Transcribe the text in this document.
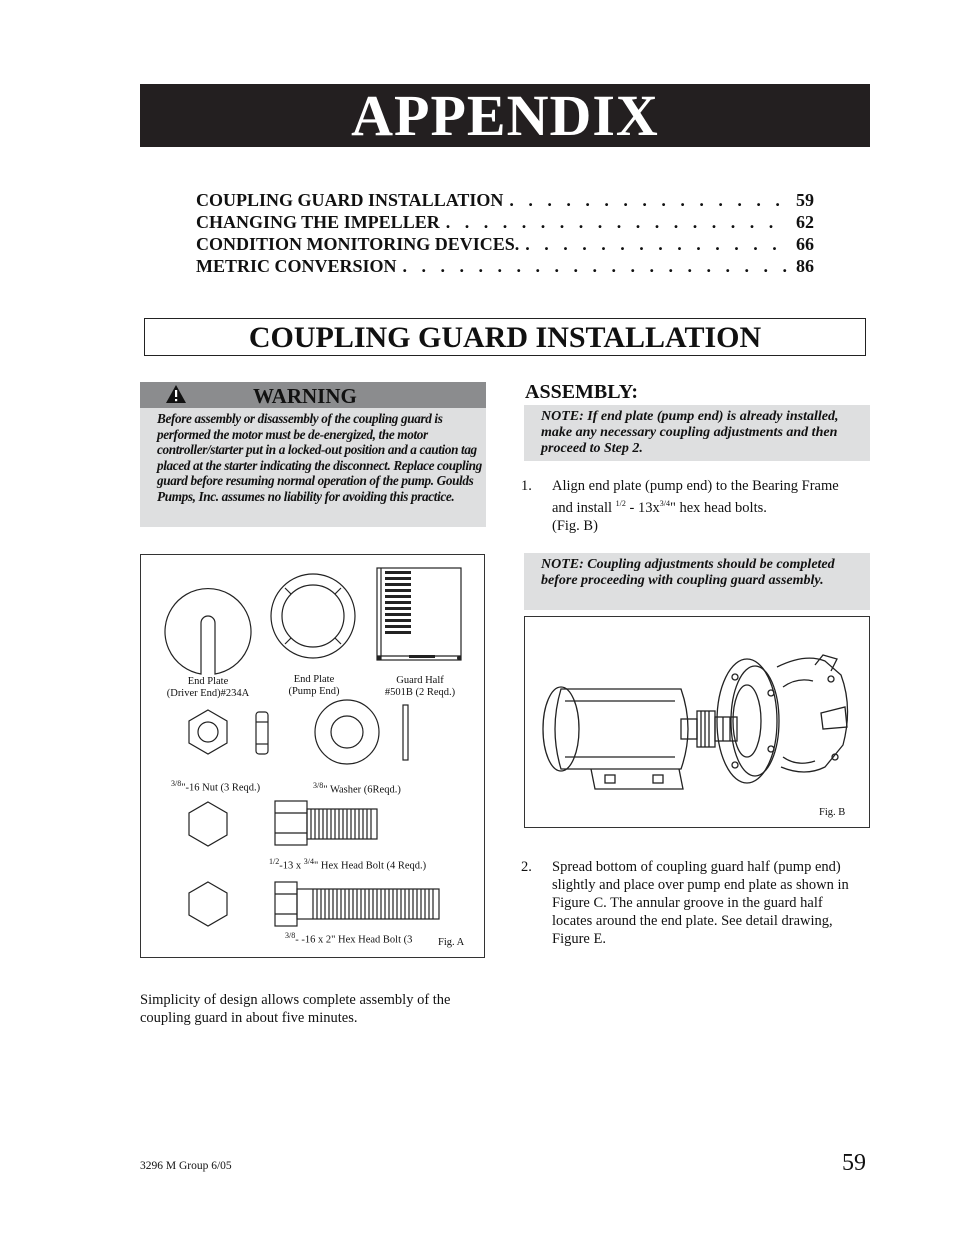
APPENDIX
COUPLING GUARD INSTALLATION . . .	59
CHANGING THE IMPELLER . . .	62
CONDITION MONITORING DEVICES. . . .	66
METRIC CONVERSION . . .	86
COUPLING GUARD INSTALLATION
WARNING
Before assembly or disassembly of the coupling guard is performed the motor must be de-energized, the motor controller/starter put in a locked-out position and a caution tag placed at the starter indicating the disconnect. Replace coupling guard before resuming normal operation of the pump. Goulds Pumps, Inc. assumes no liability for avoiding this practice.
End Plate
(Driver End)#234A
End Plate
(Pump End)
Guard Half
#501B (2 Reqd.)
$^{3/8}$"-16 Nut (3 Reqd.)	$^{3/8}$" Washer (6Reqd.)
$^{1/2}$-13 x $^{3/4}$" Hex Head Bolt (4 Reqd.)
$^{3/8}$- -16 x 2" Hex Head Bolt (3 Fig. A
Simplicity of design allows complete assembly of the coupling guard in about five minutes.
ASSEMBLY:
NOTE: If end plate (pump end) is already installed, make any necessary coupling adjustments and then proceed to Step 2.
1. Align end plate (pump end) to the Bearing Frame
and install $^{1/2} - 13x^{3/4}$" hex head bolts.
(Fig. B)
NOTE: Coupling adjustments should be completed before proceeding with coupling guard assembly.
Fig. B
2. Spread bottom of coupling guard half (pump end) slightly and place over pump end plate as shown in Figure C. The annular groove in the guard half locates around the end plate. See detail drawing, Figure E.
3296 M Group 6/05	59
